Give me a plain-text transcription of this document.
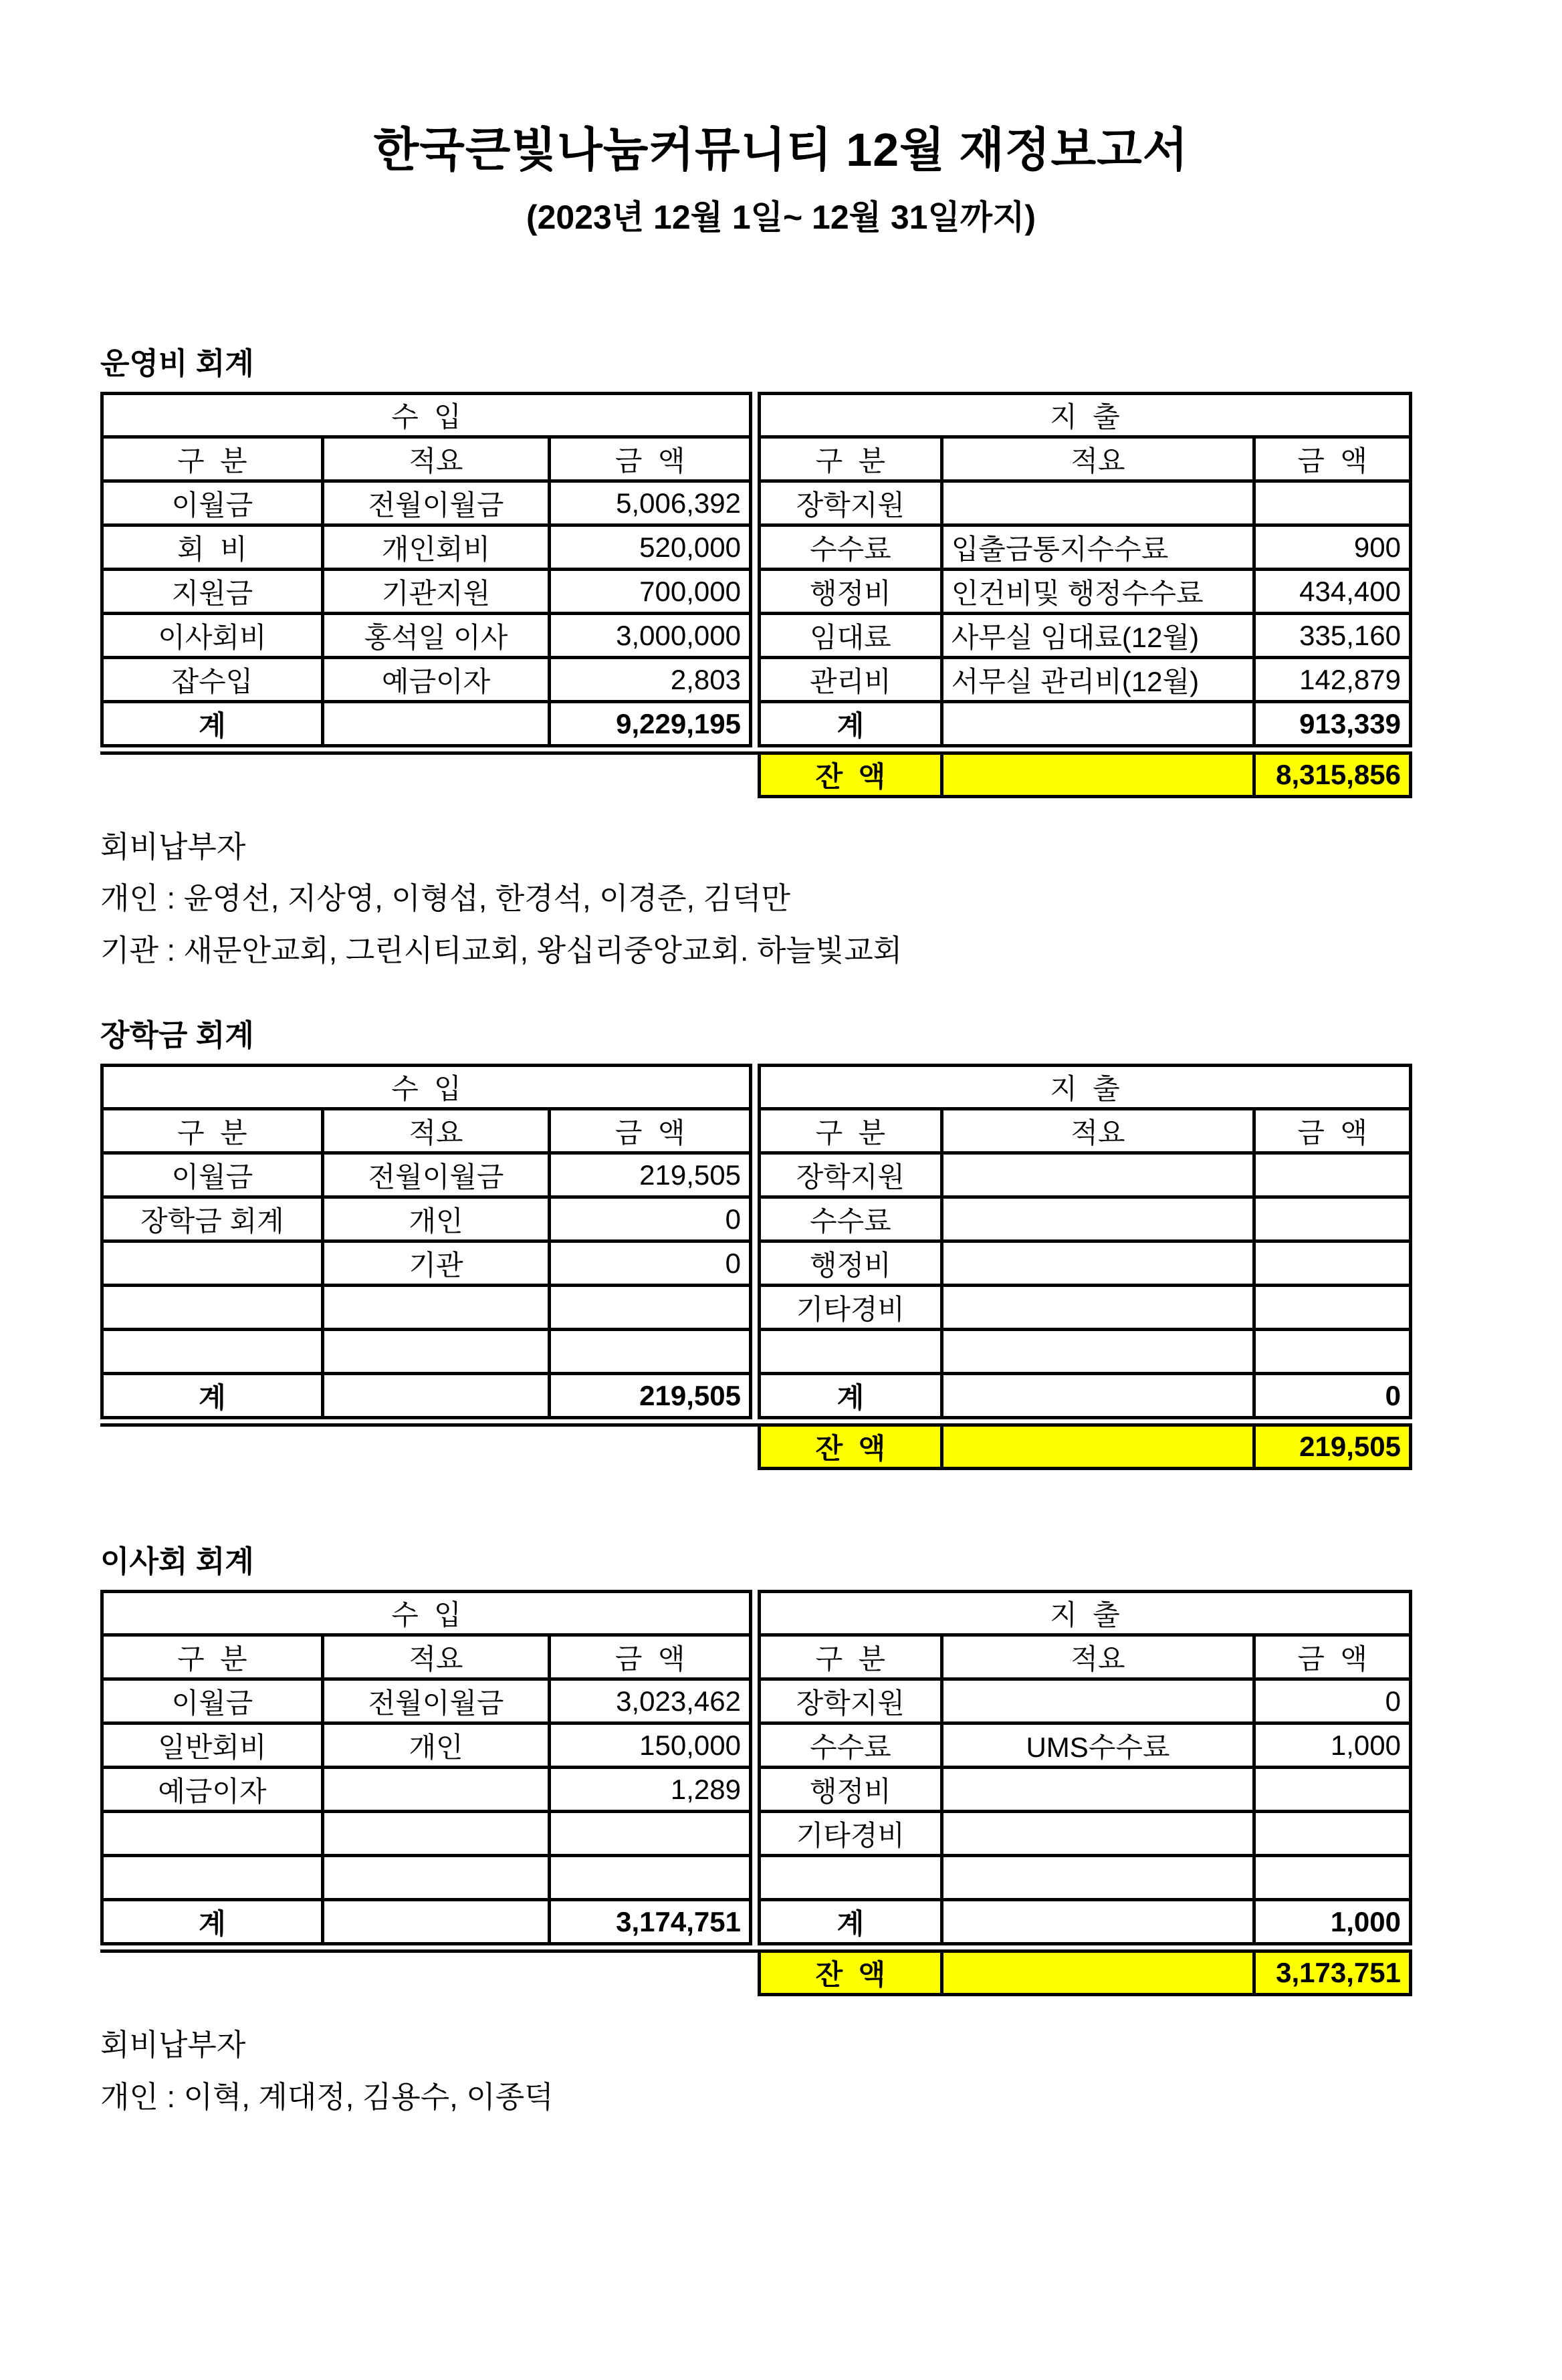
한국큰빛나눔커뮤니티 12월 재정보고서
(2023년 12월 1일~ 12월 31일까지)
운영비 회계
수  입		
구  분	적요	금  액
이월금	전월이월금	5,006,392
회  비	개인회비	520,000
지원금	기관지원	700,000
이사회비	홍석일 이사	3,000,000
잡수입	예금이자	2,803
계		9,229,195
지  출		
구  분	적요	금  액
장학지원		
수수료	입출금통지수수료	900
행정비	인건비및 행정수수료	434,400
임대료	사무실 임대료(12월)	335,160
관리비	서무실 관리비(12월)	142,879
계		913,339
잔  액		8,315,856

회비납부자

개인 : 윤영선, 지상영, 이형섭, 한경석, 이경준, 김덕만

기관 : 새문안교회, 그린시티교회, 왕십리중앙교회. 하늘빛교회

장학금 회계
수  입		
구  분	적요	금  액
이월금	전월이월금	219,505
장학금 회계	개인	0
	기관	0

계		219,505
지  출		
구  분	적요	금  액
장학지원		
수수료		
행정비		
기타경비		

계		0
잔  액		219,505
이사회 회계
수  입		
구  분	적요	금  액
이월금	전월이월금	3,023,462
일반회비	개인	150,000
예금이자		1,289

계		3,174,751
지  출		
구  분	적요	금  액
장학지원		0
수수료	UMS수수료	1,000
행정비		
기타경비		

계		1,000
잔  액		3,173,751

회비납부자

개인 : 이혁, 계대정, 김용수, 이종덕
